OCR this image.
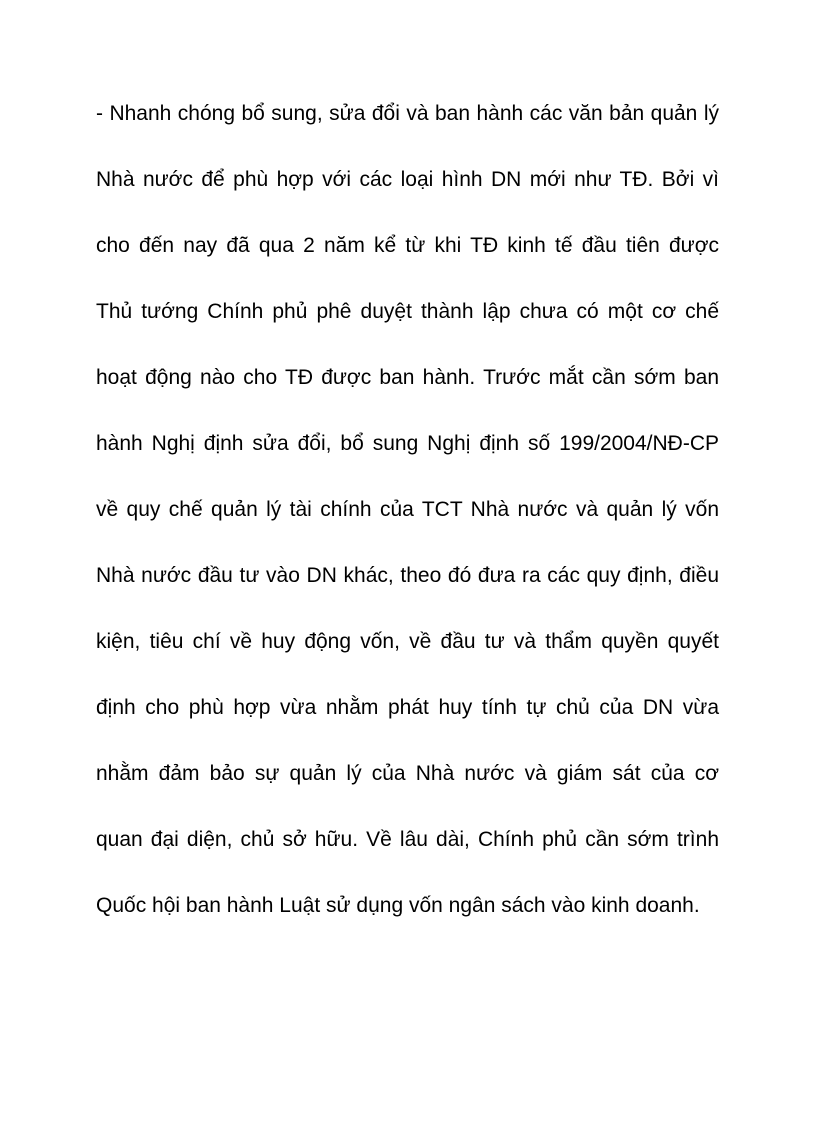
- Nhanh chóng bổ sung, sửa đổi và ban hành các văn bản quản lý
Nhà nước để phù hợp với các loại hình DN mới như TĐ. Bởi vì
cho đến nay đã qua 2 năm kể từ khi TĐ kinh tế đầu tiên được
Thủ tướng Chính phủ phê duyệt thành lập chưa có một cơ chế
hoạt động nào cho TĐ được ban hành. Trước mắt cần sớm ban
hành Nghị định sửa đổi, bổ sung Nghị định số 199/2004/NĐ-CP
về quy chế quản lý tài chính của TCT Nhà nước và quản lý vốn
Nhà nước đầu tư vào DN khác, theo đó đưa ra các quy định, điều
kiện, tiêu chí về huy động vốn, về đầu tư và thẩm quyền quyết
định cho phù hợp vừa nhằm phát huy tính tự chủ của DN vừa
nhằm đảm bảo sự quản lý của Nhà nước và giám sát của cơ
quan đại diện, chủ sở hữu. Về lâu dài, Chính phủ cần sớm trình
Quốc hội ban hành Luật sử dụng vốn ngân sách vào kinh doanh.
